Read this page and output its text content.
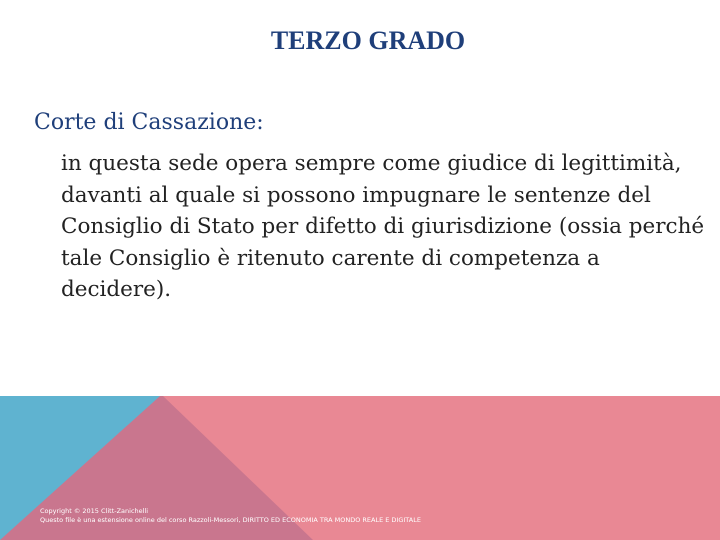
TERZO GRADO

Corte di Cassazione:

in questa sede opera sempre come giudice di legittimità, davanti al quale si possono impugnare le sentenze del Consiglio di Stato per difetto di giurisdizione (ossia perché tale Consiglio è ritenuto carente di competenza a decidere).

Copyright © 2015 Clitt-Zanichelli
Questo file è una estensione online del corso Razzoli-Messori, DIRITTO ED ECONOMIA TRA MONDO REALE E DIGITALE
